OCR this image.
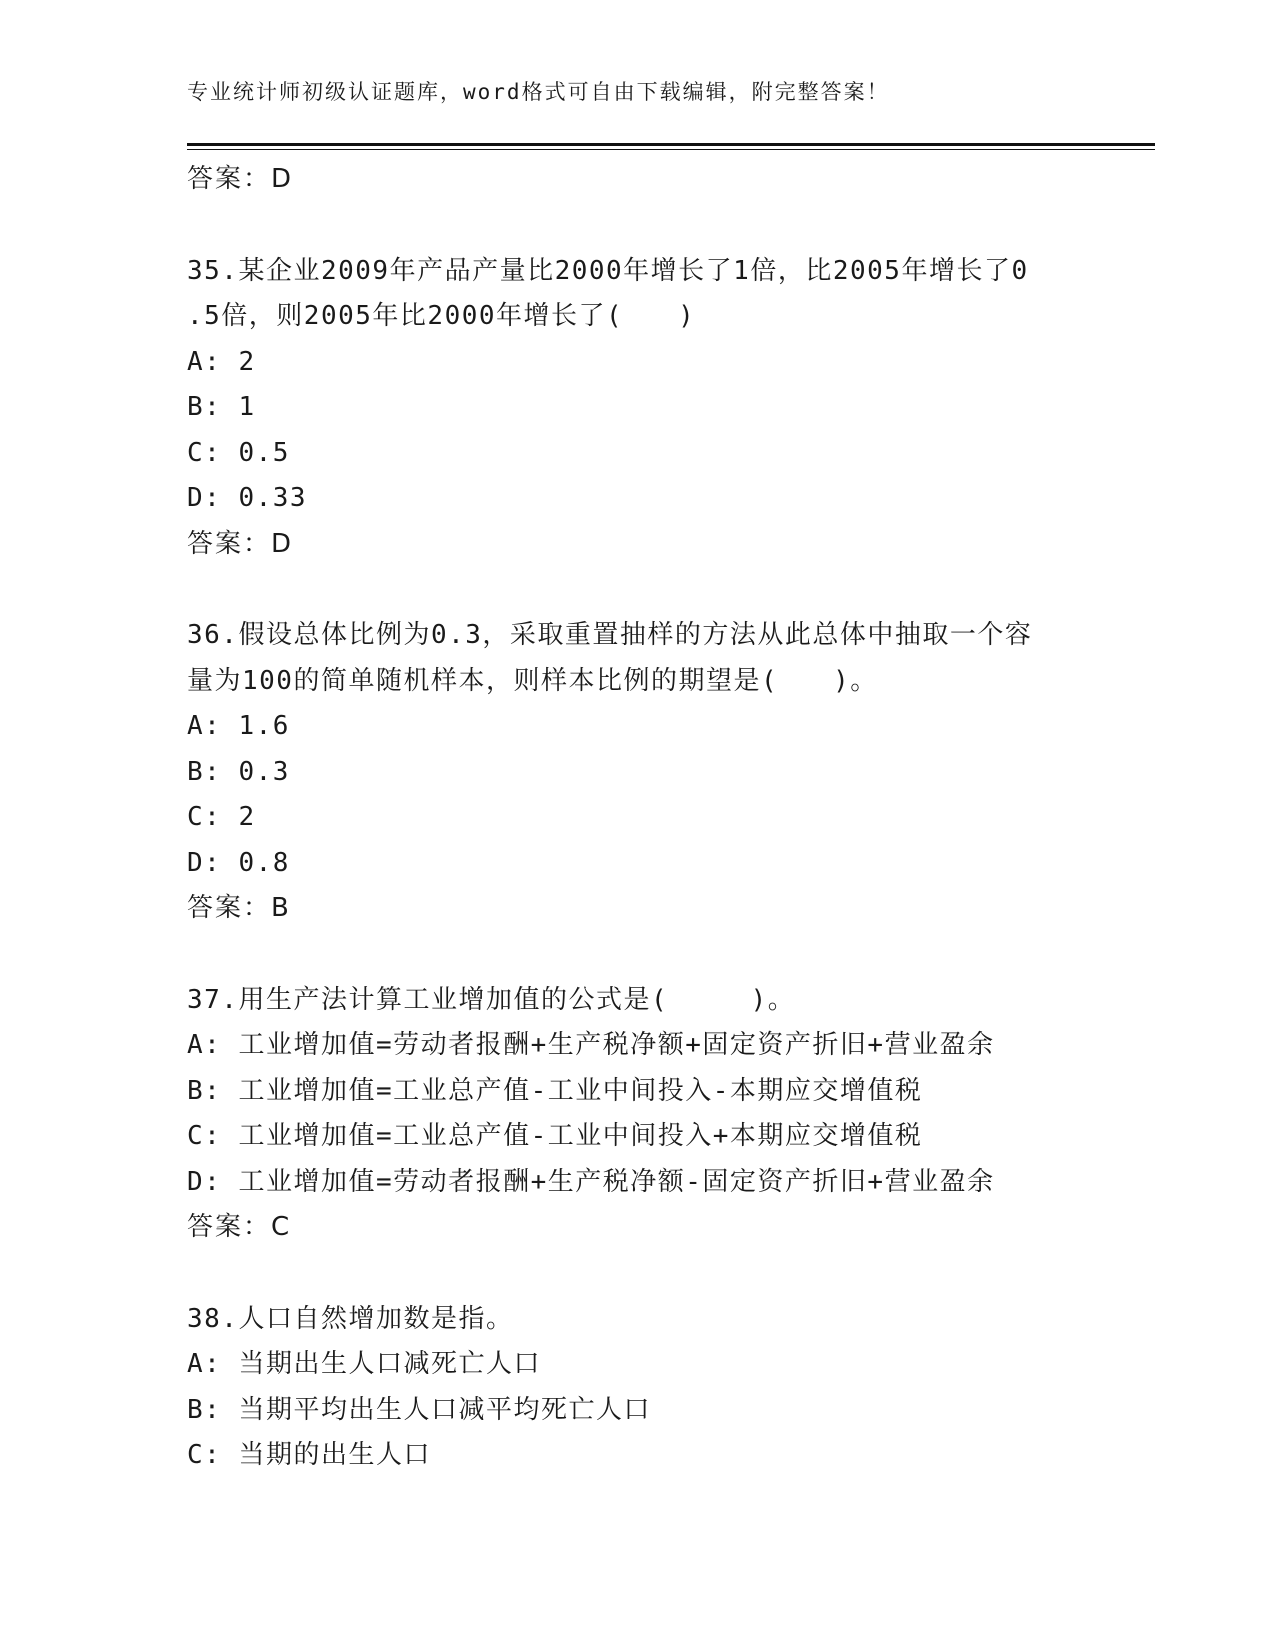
专业统计师初级认证题库，word格式可自由下载编辑，附完整答案！
答案：D
35.某企业2009年产品产量比2000年增长了1倍，比2005年增长了0
.5倍，则2005年比2000年增长了(　　)
A: 2
B: 1
C: 0.5
D: 0.33
答案：D
36.假设总体比例为0.3，采取重置抽样的方法从此总体中抽取一个容
量为100的简单随机样本，则样本比例的期望是(　　)。
A: 1.6
B: 0.3
C: 2
D: 0.8
答案：B
37.用生产法计算工业增加值的公式是(　　　)。
A: 工业增加值=劳动者报酬+生产税净额+固定资产折旧+营业盈余
B: 工业增加值=工业总产值-工业中间投入-本期应交增值税
C: 工业增加值=工业总产值-工业中间投入+本期应交增值税
D: 工业增加值=劳动者报酬+生产税净额-固定资产折旧+营业盈余
答案：C
38.人口自然增加数是指。
A: 当期出生人口减死亡人口
B: 当期平均出生人口减平均死亡人口
C: 当期的出生人口
